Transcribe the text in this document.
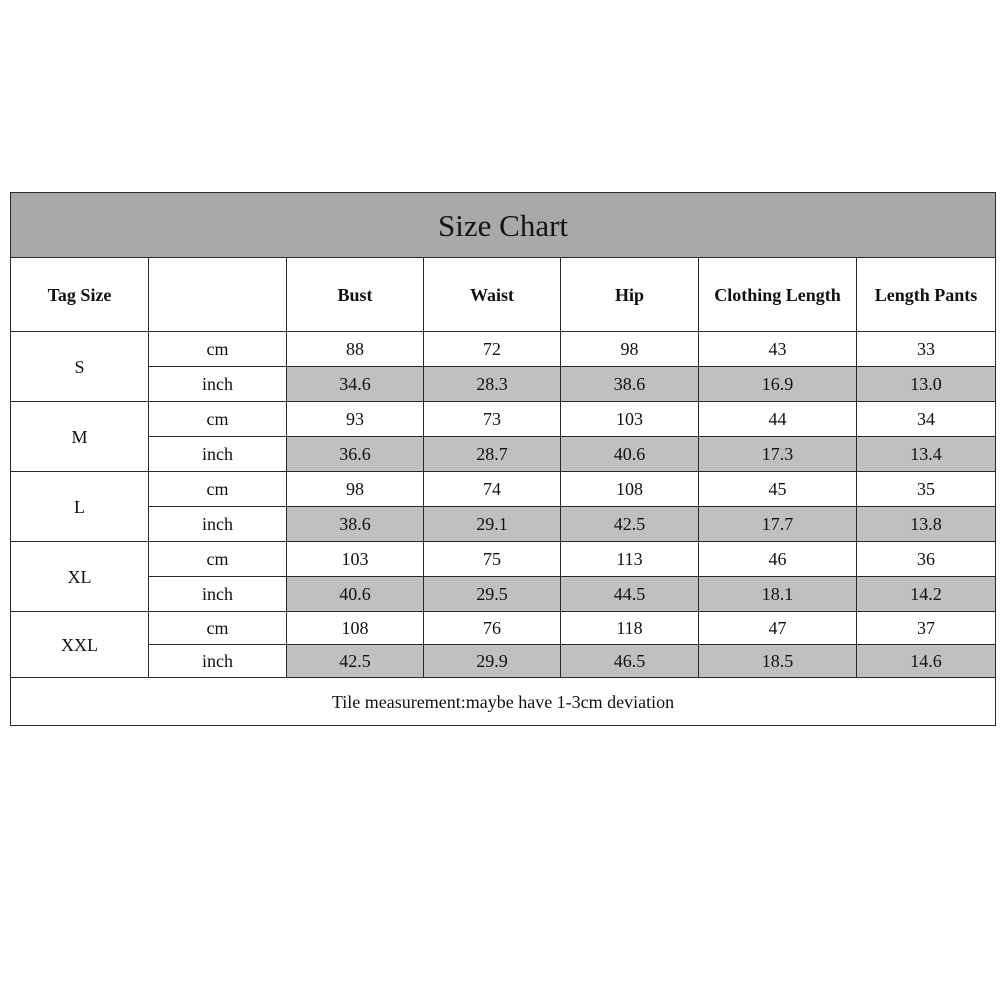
Size Chart						
Tag Size		Bust	Waist	Hip	Clothing Length	Length Pants
S	cm	88	72	98	43	33
	inch	34.6	28.3	38.6	16.9	13.0
M	cm	93	73	103	44	34
	inch	36.6	28.7	40.6	17.3	13.4
L	cm	98	74	108	45	35
	inch	38.6	29.1	42.5	17.7	13.8
XL	cm	103	75	113	46	36
	inch	40.6	29.5	44.5	18.1	14.2
XXL	cm	108	76	118	47	37
	inch	42.5	29.9	46.5	18.5	14.6
Tile measurement:maybe have 1-3cm deviation						
